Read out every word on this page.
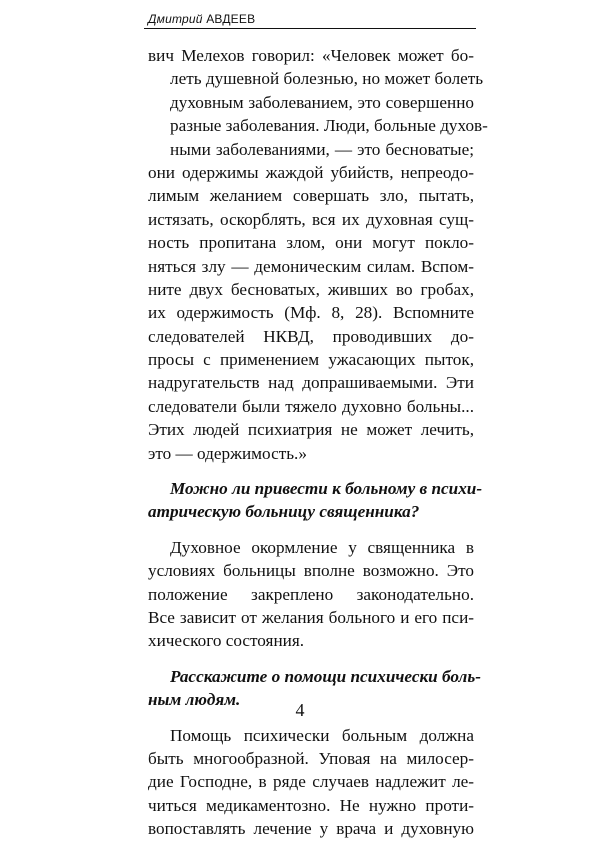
Дмитрий АВДЕЕВ
вич Мелехов говорил: «Человек может бо-
леть душевной болезнью, но может болеть
духовным заболеванием, это совершенно
разные заболевания. Люди, больные духов-
ными заболеваниями, — это бесноватые;
они одержимы жаждой убийств, непреодо-
лимым желанием совершать зло, пытать,
истязать, оскорблять, вся их духовная сущ-
ность пропитана злом, они могут покло-
няться злу — демоническим силам. Вспом-
ните двух бесноватых, живших во гробах,
их одержимость (Мф. 8, 28). Вспомните
следователей НКВД, проводивших до-
просы с применением ужасающих пыток,
надругательств над допрашиваемыми. Эти
следователи были тяжело духовно больны...
Этих людей психиатрия не может лечить,
это — одержимость.»
Можно ли привести к больному в психи-
атрическую больницу священника?
Духовное окормление у священника в
условиях больницы вполне возможно. Это
положение закреплено законодательно.
Все зависит от желания больного и его пси-
хического состояния.
Расскажите о помощи психически боль-
ным людям.
Помощь психически больным должна
быть многообразной. Уповая на милосер-
дие Господне, в ряде случаев надлежит ле-
читься медикаментозно. Не нужно проти-
вопоставлять лечение у врача и духовную
4
